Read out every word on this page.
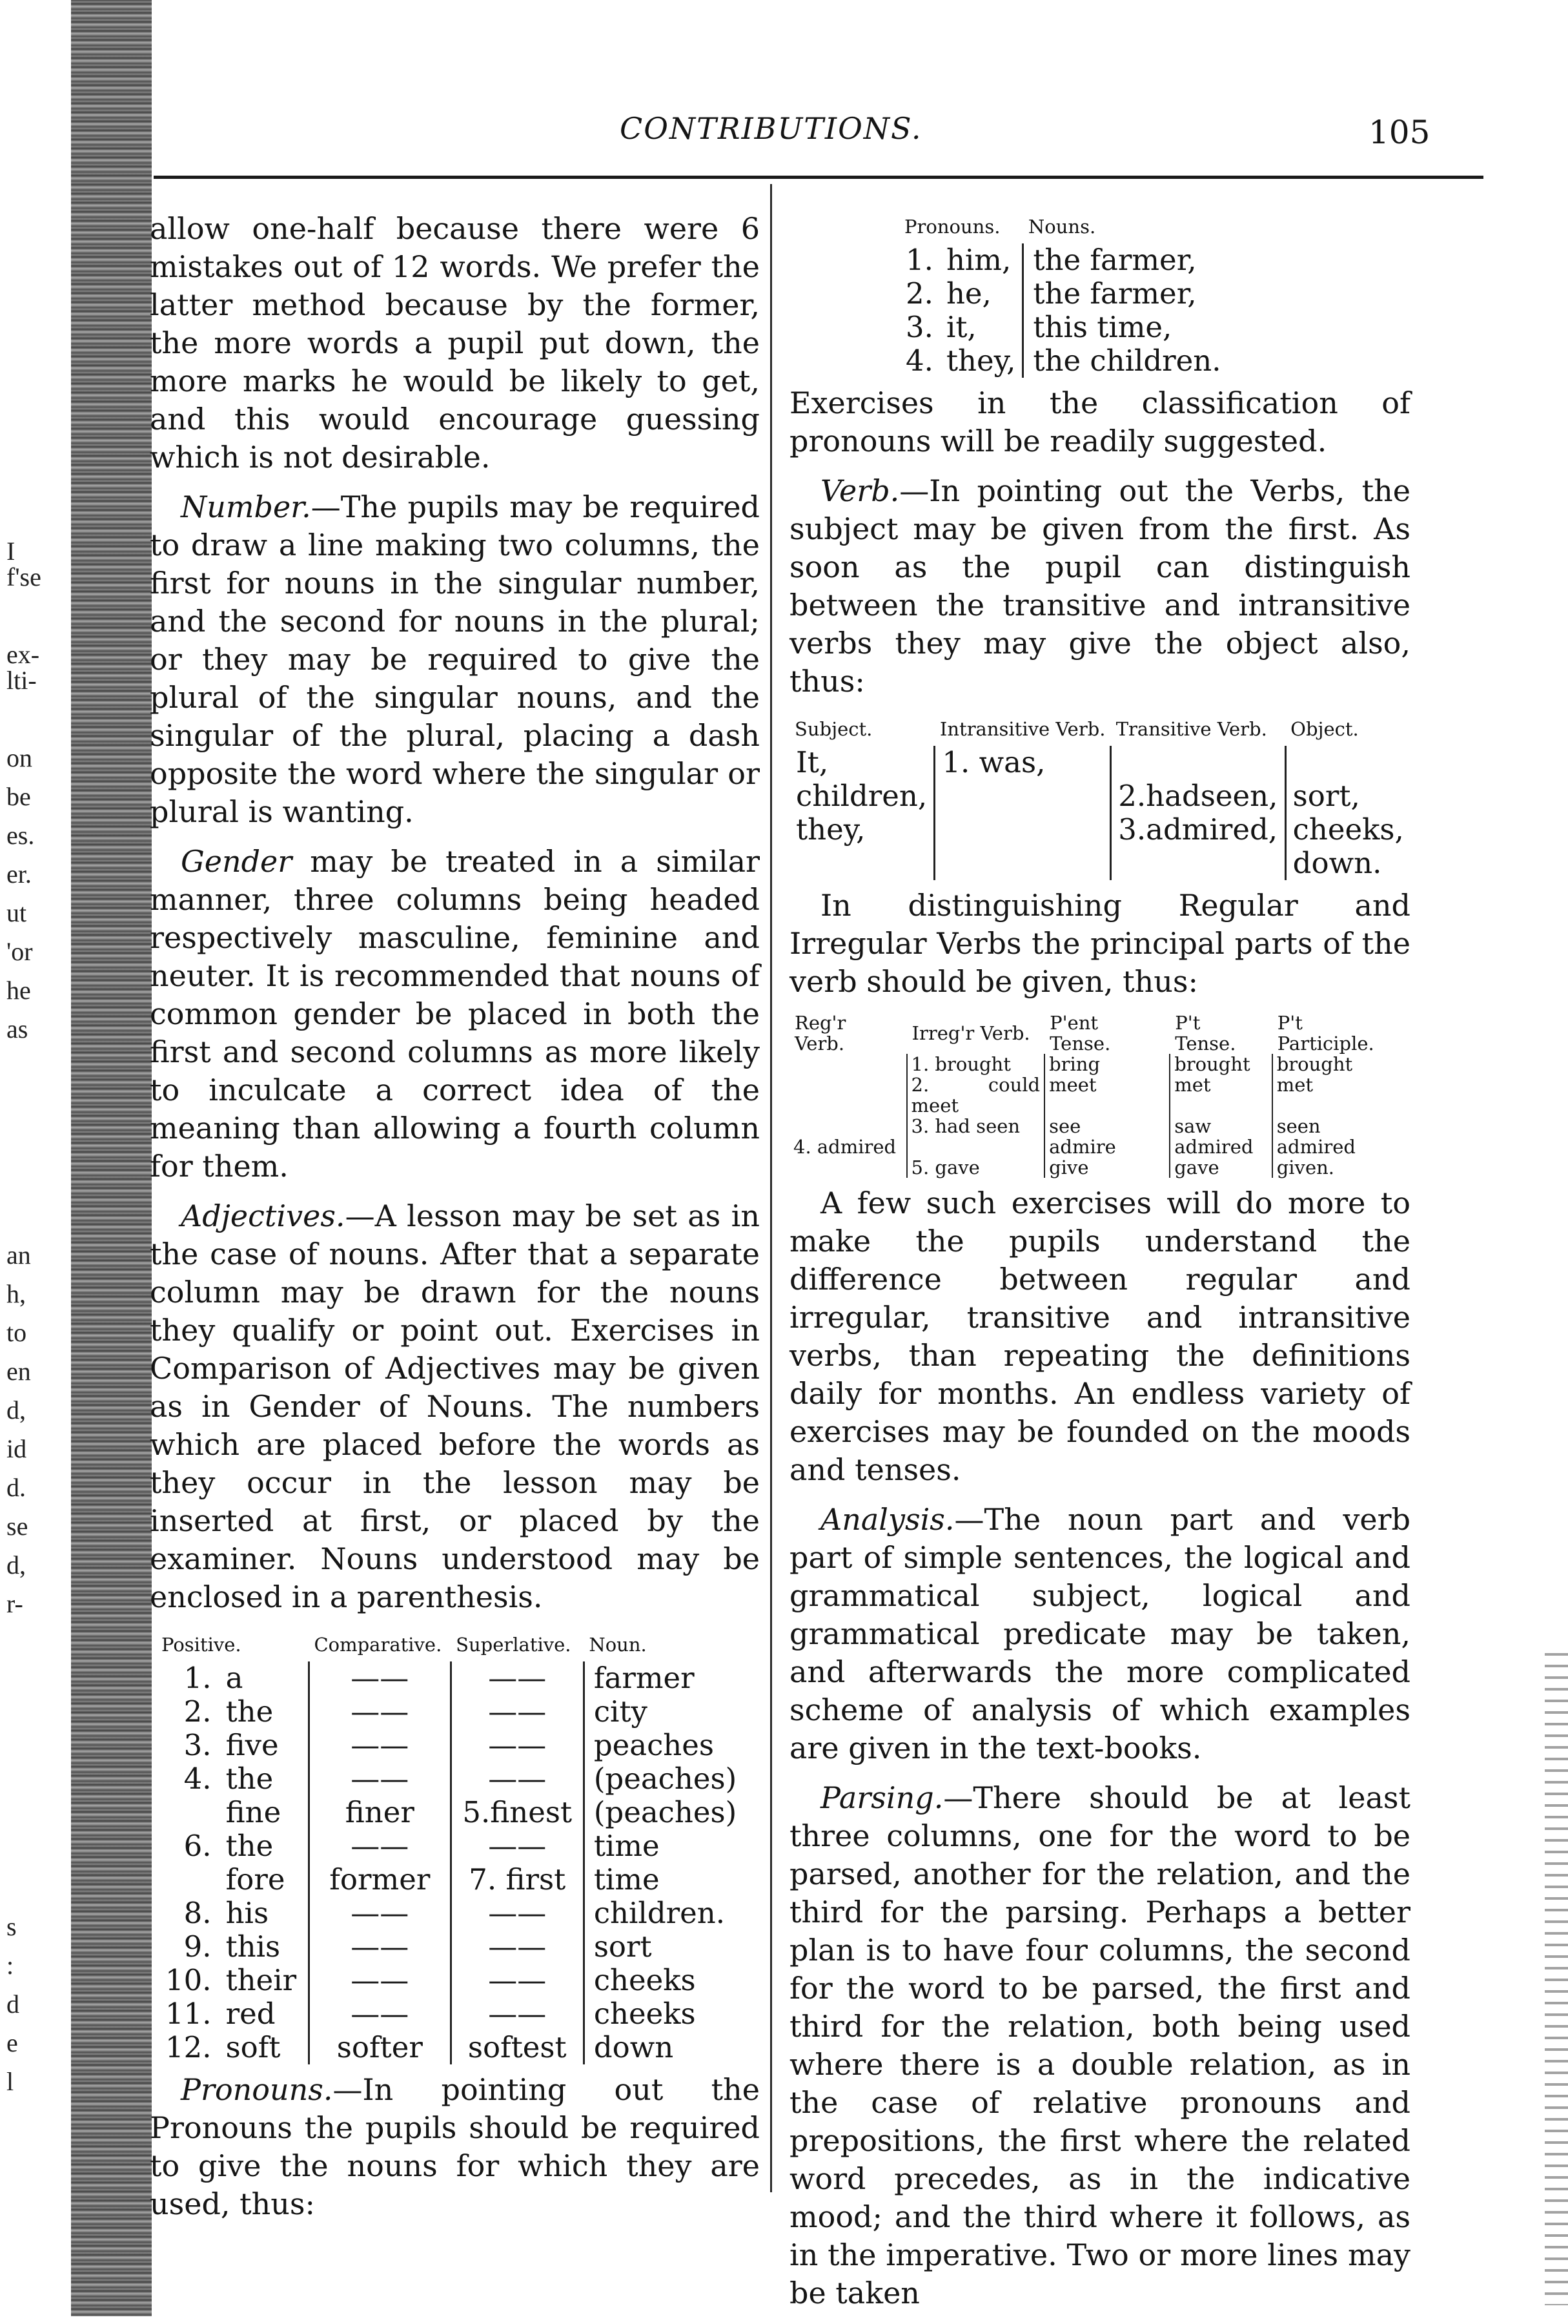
I
f'se
ex-
lti-
on
be
es.
er.
ut
'or
he
as
an
h,
to
en
d,
id
d.
se
d,
r-
s
:
d
e
l
CONTRIBUTIONS.	105

allow one-half because there were 6 mistakes out of 12 words. We prefer the latter method because by the former, the more words a pupil put down, the more marks he would be likely to get, and this would encourage guessing which is not desirable.

Number.—The pupils may be required to draw a line making two columns, the first for nouns in the singular number, and the second for nouns in the plural; or they may be required to give the plural of the singular nouns, and the singular of the plural, placing a dash opposite the word where the singular or plural is wanting.

Gender may be treated in a similar manner, three columns being headed respectively masculine, feminine and neuter. It is recommended that nouns of common gender be placed in both the first and second columns as more likely to inculcate a correct idea of the meaning than allowing a fourth column for them.

Adjectives.—A lesson may be set as in the case of nouns. After that a separate column may be drawn for the nouns they qualify or point out. Exercises in Comparison of Adjectives may be given as in Gender of Nouns. The numbers which are placed before the words as they occur in the lesson may be inserted at first, or placed by the examiner. Nouns understood may be enclosed in a parenthesis.

Positive.		Comparative.	Superlative.	Noun.
1.	a	——	——	farmer
2.	the	——	——	city
3.	five	——	——	peaches
4.	the	——	——	(peaches)
	fine	finer	5.finest	(peaches)
6.	the	——	——	time
	fore	former	7. first	time
8.	his	——	——	children.
9.	this	——	——	sort
10.	their	——	——	cheeks
11.	red	——	——	cheeks
12.	soft	softer	softest	down

Pronouns.—In pointing out the Pronouns the pupils should be required to give the nouns for which they are used, thus:

Pronouns.		Nouns.
1.	him,	the farmer,
2.	he,	the farmer,
3.	it,	this time,
4.	they,	the children.

Exercises in the classification of pronouns will be readily suggested.

Verb.—In pointing out the Verbs, the subject may be given from the first. As soon as the pupil can distinguish between the transitive and intransitive verbs they may give the object also, thus:

Subject.	Intransitive Verb.	Transitive Verb.	Object.
It,	1. was,		
children,		2.hadseen,	sort,
they,		3.admired,	cheeks,
			down.

In distinguishing Regular and Irregular Verbs the principal parts of the verb should be given, thus:

Reg'r Verb.	Irreg'r Verb.	P'ent Tense.	P't Tense.	P't Participle.
	1. brought	bring	brought	brought
	2. could meet	meet	met	met
	3. had seen	see	saw	seen
4. admired		admire	admired	admired
	5. gave	give	gave	given.

A few such exercises will do more to make the pupils understand the difference between regular and irregular, transitive and intransitive verbs, than repeating the definitions daily for months. An endless variety of exercises may be founded on the moods and tenses.

Analysis.—The noun part and verb part of simple sentences, the logical and grammatical subject, logical and grammatical predicate may be taken, and afterwards the more complicated scheme of analysis of which examples are given in the text-books.

Parsing.—There should be at least three columns, one for the word to be parsed, another for the relation, and the third for the parsing. Perhaps a better plan is to have four columns, the second for the word to be parsed, the first and third for the relation, both being used where there is a double relation, as in the case of relative pronouns and prepositions, the first where the related word precedes, as in the indicative mood; and the third where it follows, as in the imperative. Two or more lines may be taken
